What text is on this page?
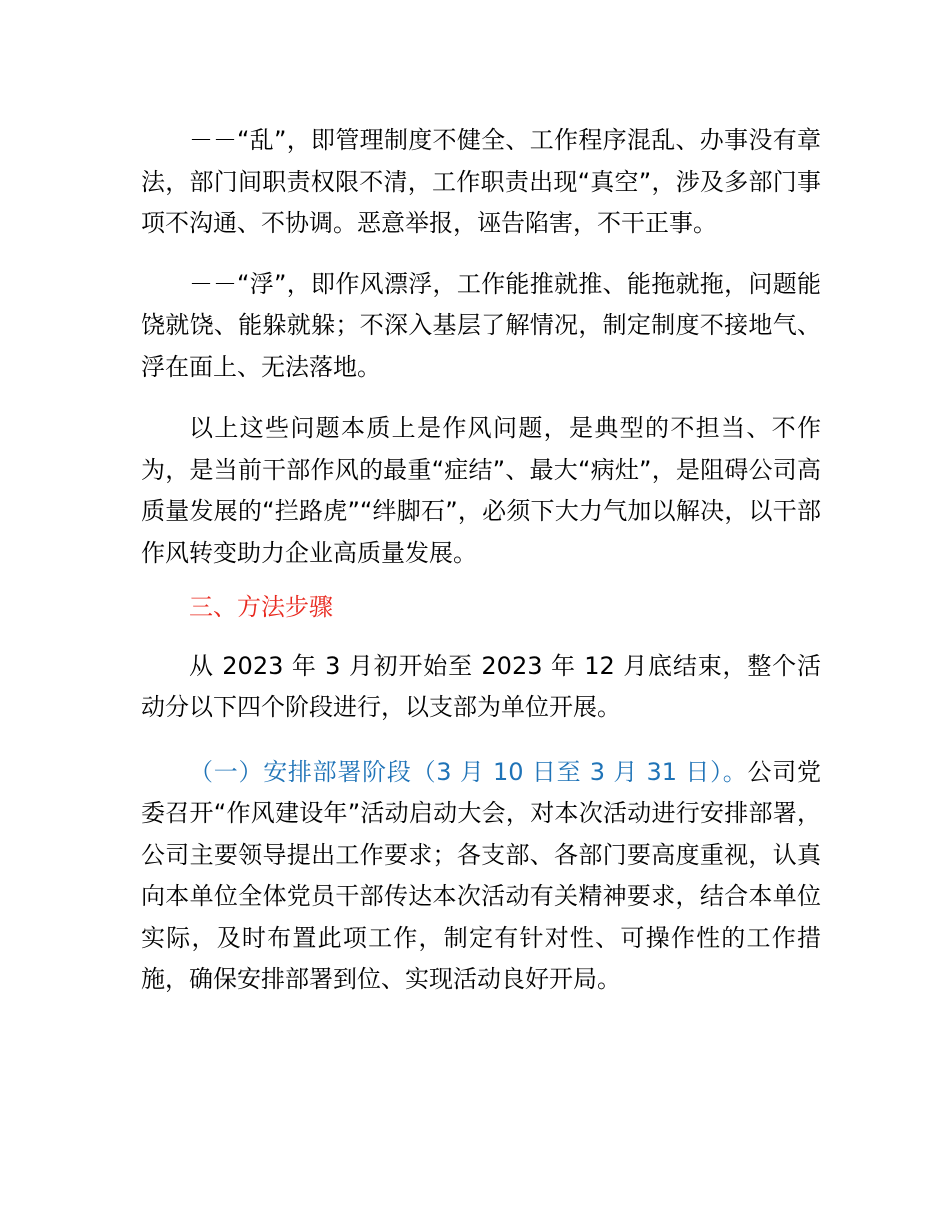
－－“乱”，即管理制度不健全、工作程序混乱、办事没有章法，部门间职责权限不清，工作职责出现“真空”，涉及多部门事项不沟通、不协调。恶意举报，诬告陷害，不干正事。

－－“浮”，即作风漂浮，工作能推就推、能拖就拖，问题能饶就饶、能躲就躲；不深入基层了解情况，制定制度不接地气、浮在面上、无法落地。

以上这些问题本质上是作风问题，是典型的不担当、不作为，是当前干部作风的最重“症结”、最大“病灶”，是阻碍公司高质量发展的“拦路虎”“绊脚石”，必须下大力气加以解决，以干部作风转变助力企业高质量发展。

三、方法步骤

从 2023 年 3 月初开始至 2023 年 12 月底结束，整个活动分以下四个阶段进行，以支部为单位开展。

（一）安排部署阶段（3 月 10 日至 3 月 31 日）。公司党委召开“作风建设年”活动启动大会，对本次活动进行安排部署，公司主要领导提出工作要求；各支部、各部门要高度重视，认真向本单位全体党员干部传达本次活动有关精神要求，结合本单位实际，及时布置此项工作，制定有针对性、可操作性的工作措施，确保安排部署到位、实现活动良好开局。
